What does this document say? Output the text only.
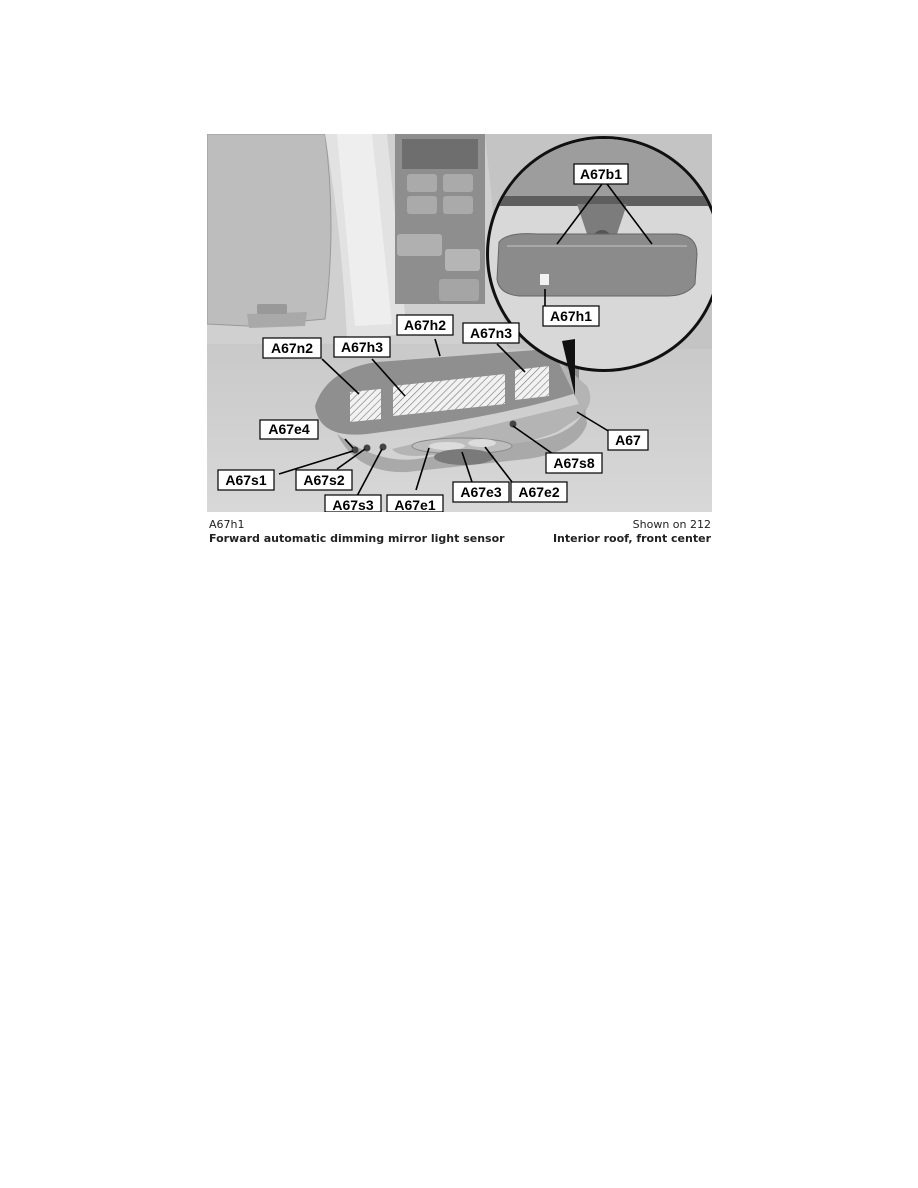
A67b1
A67h1
A67h2 A67n3
A67n2 A67h3
A67e4
A67
A67s8
A67s1	A67s2
A67e3 A67e2
A67s3 A67e1
A67h1
Forward automatic dimming mirror light sensor
Shown on 212
Interior roof, front center
